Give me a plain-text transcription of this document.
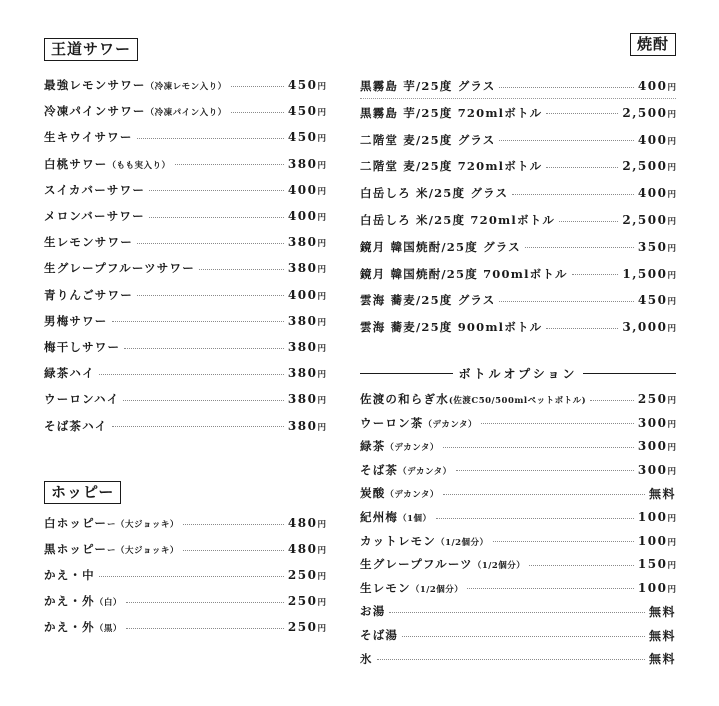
王道サワー
最強レモンサワー（冷凍レモン入り）	450円
冷凍パインサワー（冷凍パイン入り）	450円
生キウイサワー	450円
白桃サワー（もも実入り）	380円
スイカバーサワー	400円
メロンバーサワー	400円
生レモンサワー	380円
生グレープフルーツサワー	380円
青りんごサワー	400円
男梅サワー	380円
梅干しサワー	380円
緑茶ハイ	380円
ウーロンハイ	380円
そば茶ハイ	380円
ホッピー
白ホッピーー（大ジョッキ）	480円
黒ホッピーー（大ジョッキ）	480円
かえ・中	250円
かえ・外（白）	250円
かえ・外（黒）	250円
焼酎
黒霧島 芋/25度 グラス	400円
黒霧島 芋/25度 720mlボトル	2,500円
二階堂 麦/25度 グラス	400円
二階堂 麦/25度 720mlボトル	2,500円
白岳しろ 米/25度 グラス	400円
白岳しろ 米/25度 720mlボトル	2,500円
鏡月 韓国焼酎/25度 グラス	350円
鏡月 韓国焼酎/25度 700mlボトル	1,500円
雲海 蕎麦/25度 グラス	450円
雲海 蕎麦/25度 900mlボトル	3,000円
ボトルオプション
佐渡の和らぎ水(佐渡C50/500mlペットボトル)	250円
ウーロン茶（デカンタ）	300円
緑茶（デカンタ）	300円
そば茶（デカンタ）	300円
炭酸（デカンタ）	無料
紀州梅（1個）	100円
カットレモン（1/2個分）	100円
生グレープフルーツ（1/2個分）	150円
生レモン（1/2個分）	100円
お湯	無料
そば湯	無料
氷	無料
